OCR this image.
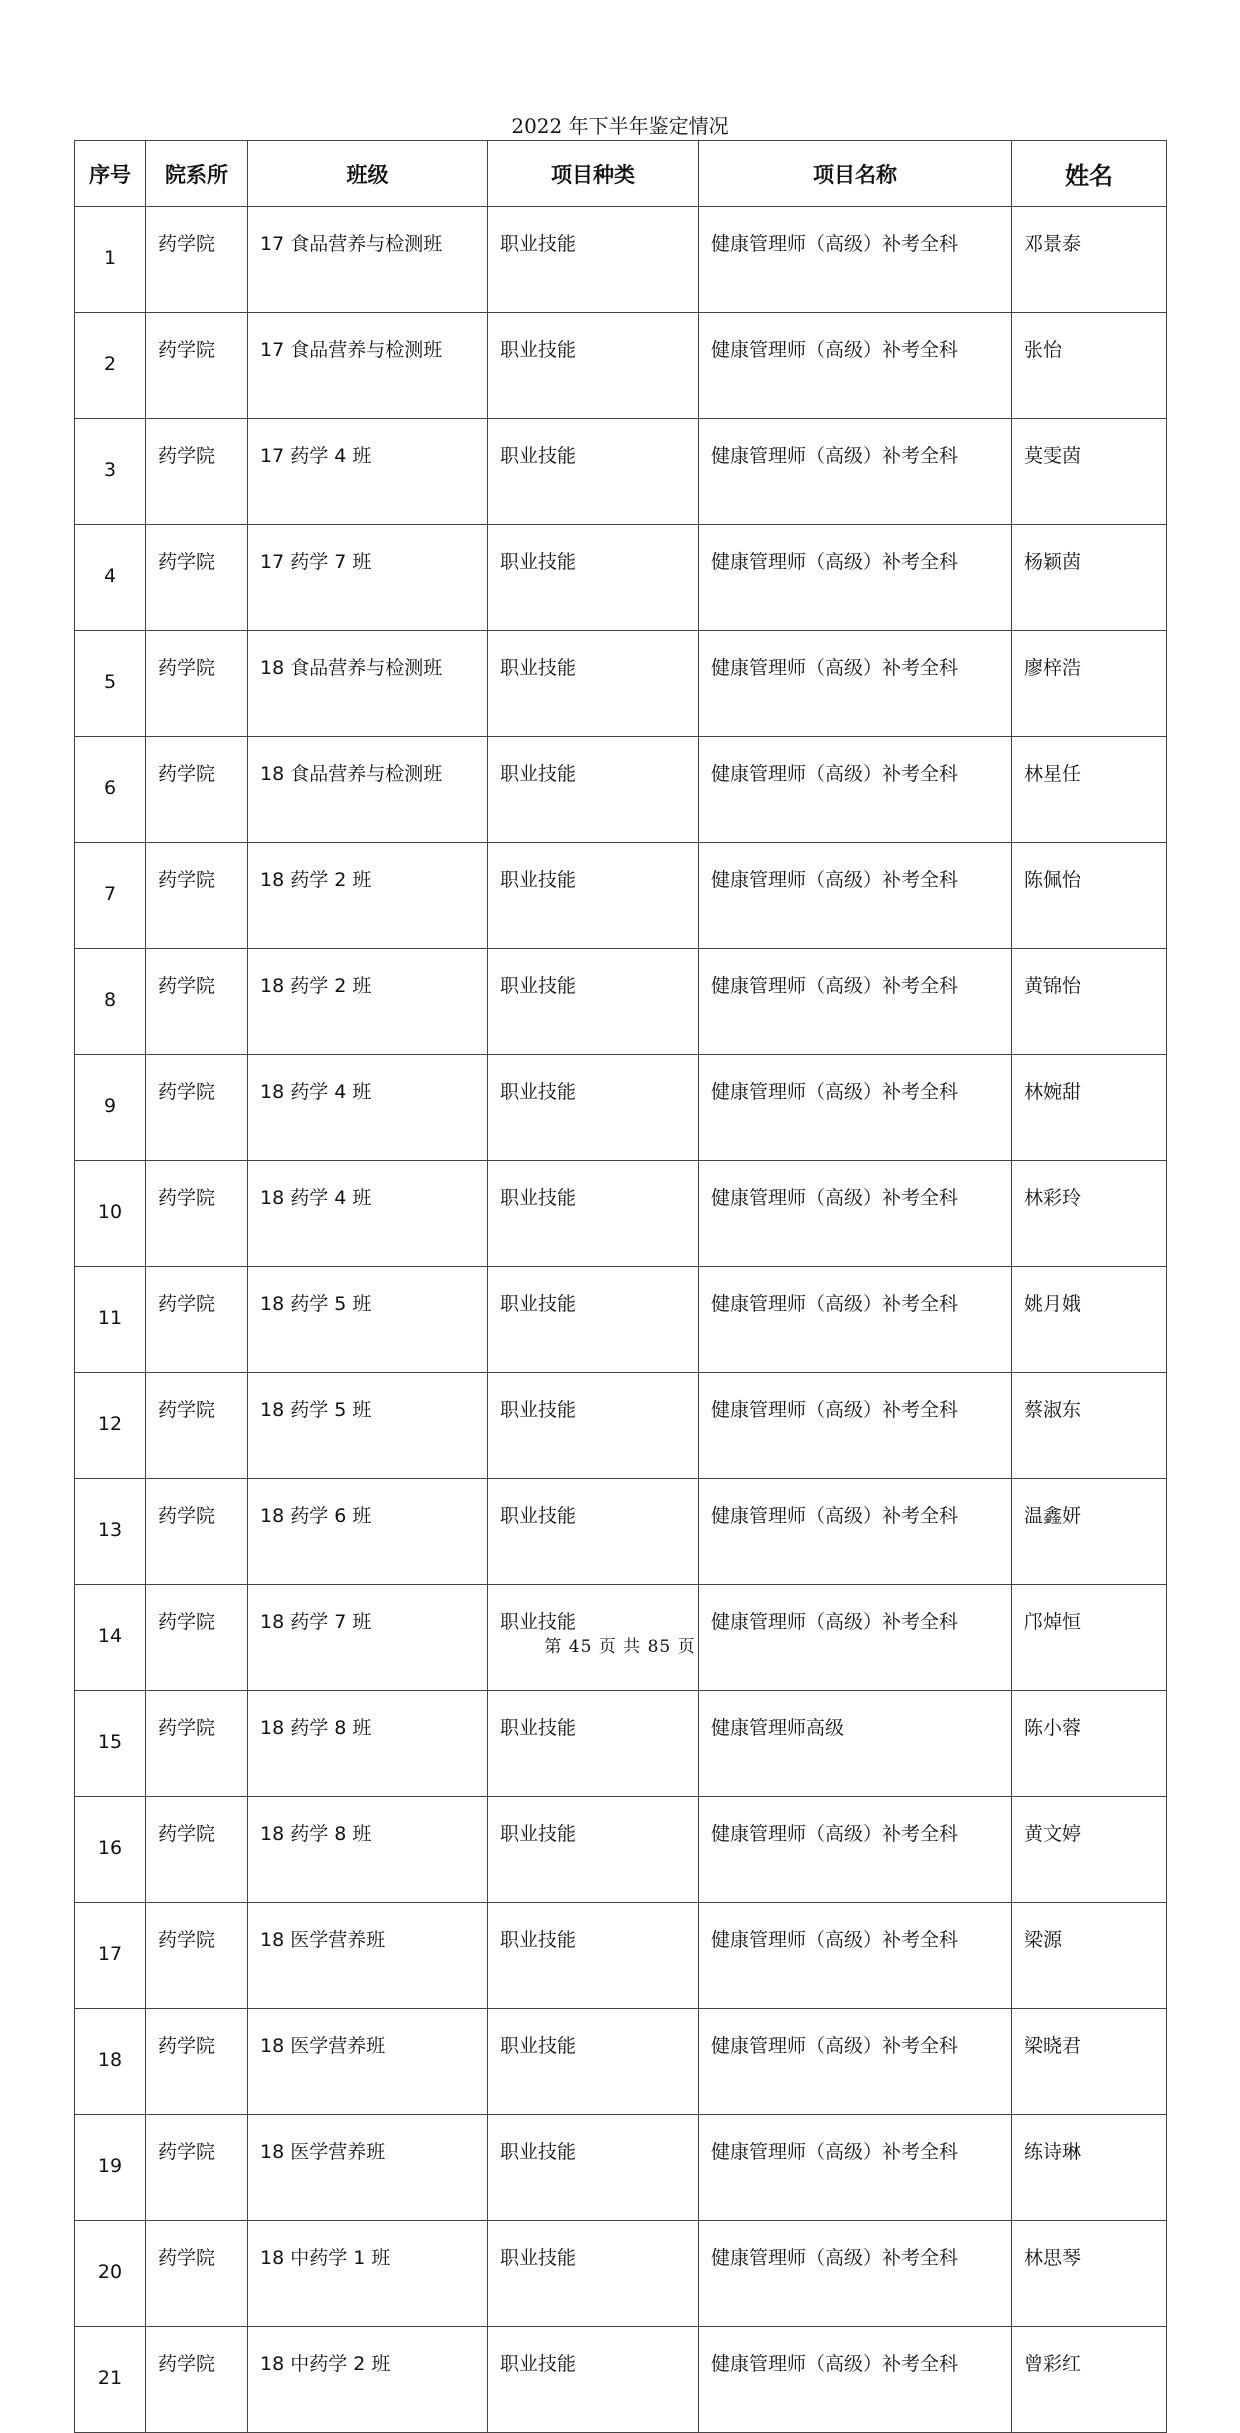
2022 年下半年鉴定情况
序号	院系所	班级	项目种类	项目名称	姓名
1	药学院	17 食品营养与检测班	职业技能	健康管理师（高级）补考全科	邓景泰
2	药学院	17 食品营养与检测班	职业技能	健康管理师（高级）补考全科	张怡
3	药学院	17 药学 4 班	职业技能	健康管理师（高级）补考全科	莫雯茵
4	药学院	17 药学 7 班	职业技能	健康管理师（高级）补考全科	杨颖茵
5	药学院	18 食品营养与检测班	职业技能	健康管理师（高级）补考全科	廖梓浩
6	药学院	18 食品营养与检测班	职业技能	健康管理师（高级）补考全科	林星任
7	药学院	18 药学 2 班	职业技能	健康管理师（高级）补考全科	陈佩怡
8	药学院	18 药学 2 班	职业技能	健康管理师（高级）补考全科	黄锦怡
9	药学院	18 药学 4 班	职业技能	健康管理师（高级）补考全科	林婉甜
10	药学院	18 药学 4 班	职业技能	健康管理师（高级）补考全科	林彩玲
11	药学院	18 药学 5 班	职业技能	健康管理师（高级）补考全科	姚月娥
12	药学院	18 药学 5 班	职业技能	健康管理师（高级）补考全科	蔡淑东
13	药学院	18 药学 6 班	职业技能	健康管理师（高级）补考全科	温鑫妍
14	药学院	18 药学 7 班	职业技能	健康管理师（高级）补考全科	邝焯恒
15	药学院	18 药学 8 班	职业技能	健康管理师高级	陈小蓉
16	药学院	18 药学 8 班	职业技能	健康管理师（高级）补考全科	黄文婷
17	药学院	18 医学营养班	职业技能	健康管理师（高级）补考全科	梁源
18	药学院	18 医学营养班	职业技能	健康管理师（高级）补考全科	梁晓君
19	药学院	18 医学营养班	职业技能	健康管理师（高级）补考全科	练诗琳
20	药学院	18 中药学 1 班	职业技能	健康管理师（高级）补考全科	林思琴
21	药学院	18 中药学 2 班	职业技能	健康管理师（高级）补考全科	曾彩红
第 45 页 共 85 页
